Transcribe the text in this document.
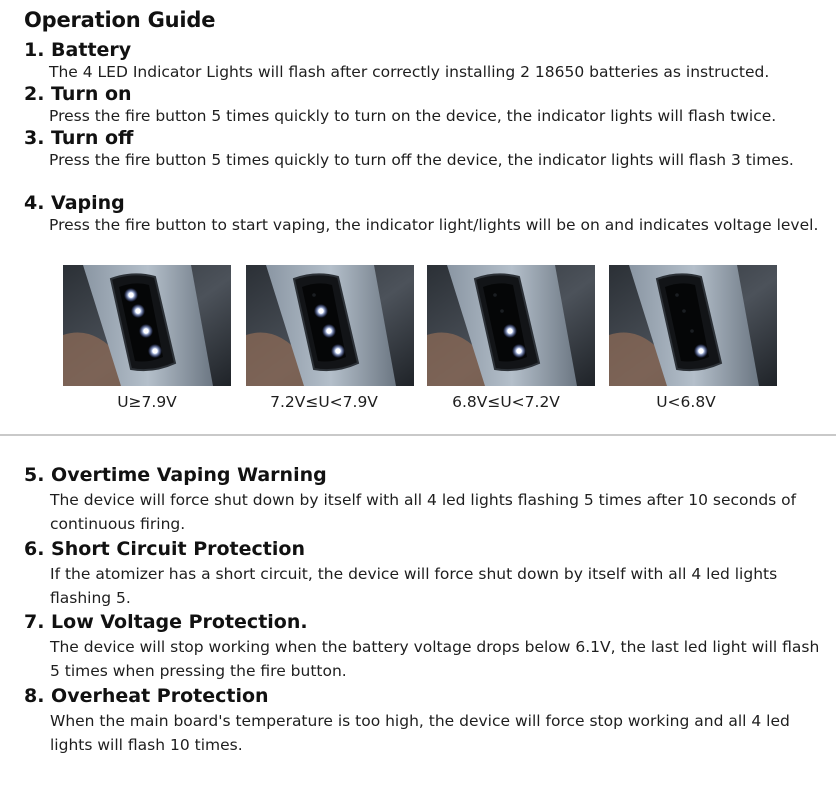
Operation Guide
1. Battery
The 4 LED Indicator Lights will flash after correctly installing 2 18650 batteries as instructed.
2. Turn on
Press the fire button 5 times quickly to turn on the device, the indicator lights will flash twice.
3. Turn off
Press the fire button 5 times quickly to turn off the device, the indicator lights will flash 3 times.
4. Vaping
Press the fire button to start vaping, the indicator light/lights will be on and indicates voltage level.
U≥7.9V	7.2V≤U<7.9V	6.8V≤U<7.2V	U<6.8V
5. Overtime Vaping Warning
The device will force shut down by itself with all 4 led lights flashing 5 times after 10 seconds of continuous firing.
6. Short Circuit Protection
If the atomizer has a short circuit, the device will force shut down by itself with all 4 led lights flashing 5.
7. Low Voltage Protection.
The device will stop working when the battery voltage drops below 6.1V, the last led light will flash 5 times when pressing the fire button.
8. Overheat Protection
When the main board's temperature is too high, the device will force stop working and all 4 led lights will flash 10 times.
